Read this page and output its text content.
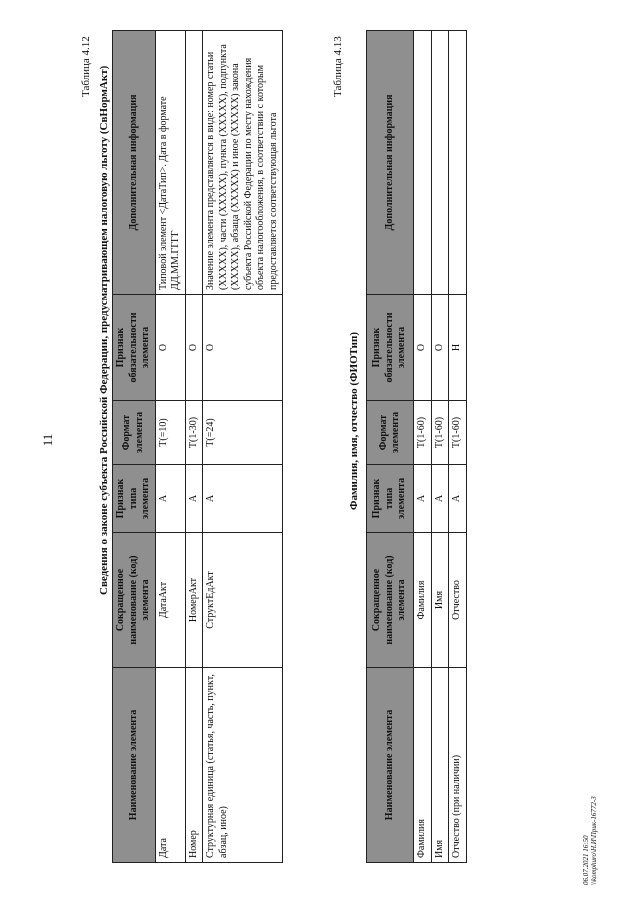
11
Таблица 4.12 Сведения о законе субъекта Российской Федерации, предусматривающем налоговую льготу (СвНормАкт)
Наименование элемента	Сокращенное наименование (код) элемента	Признак типа элемента	Формат элемента	Признак обязательности элемента	Дополнительная информация
Дата	ДатаАкт	А	T(=10)	О	Типовой элемент <ДатаТип>. Дата в формате ДД.ММ.ГГГГ
Номер	НомерАкт	А	T(1-30)	О	
Структурная единица (статья, часть, пункт, абзац, иное)	СтруктЕдАкт	А	T(=24)	О	Значение элемента представляется в виде: номер статьи (XXXXX), части (XXXXX), пункта (XXXXX), подпункта (XXXXX), абзаца (XXXXX) и иное (XXXXX) закона субъекта Российской Федерации по месту нахождения объекта налогообложения, в соответствии с которым предоставляется соответствующая льгота
Таблица 4.13
Фамилия, имя, отчество (ФИОТип)
Наименование элемента	Сокращенное наименование (код) элемента	Признак типа элемента	Формат элемента	Признак обязательности элемента	Дополнительная информация
Фамилия	Фамилия	А	T(1-60)	О	
Имя	Имя	А	T(1-60)	О	
Отчество (при наличии)	Отчество	А	T(1-60)	Н	
06.07.2021 16:50 \\komphuro\Н.И\Прик-16772-3
